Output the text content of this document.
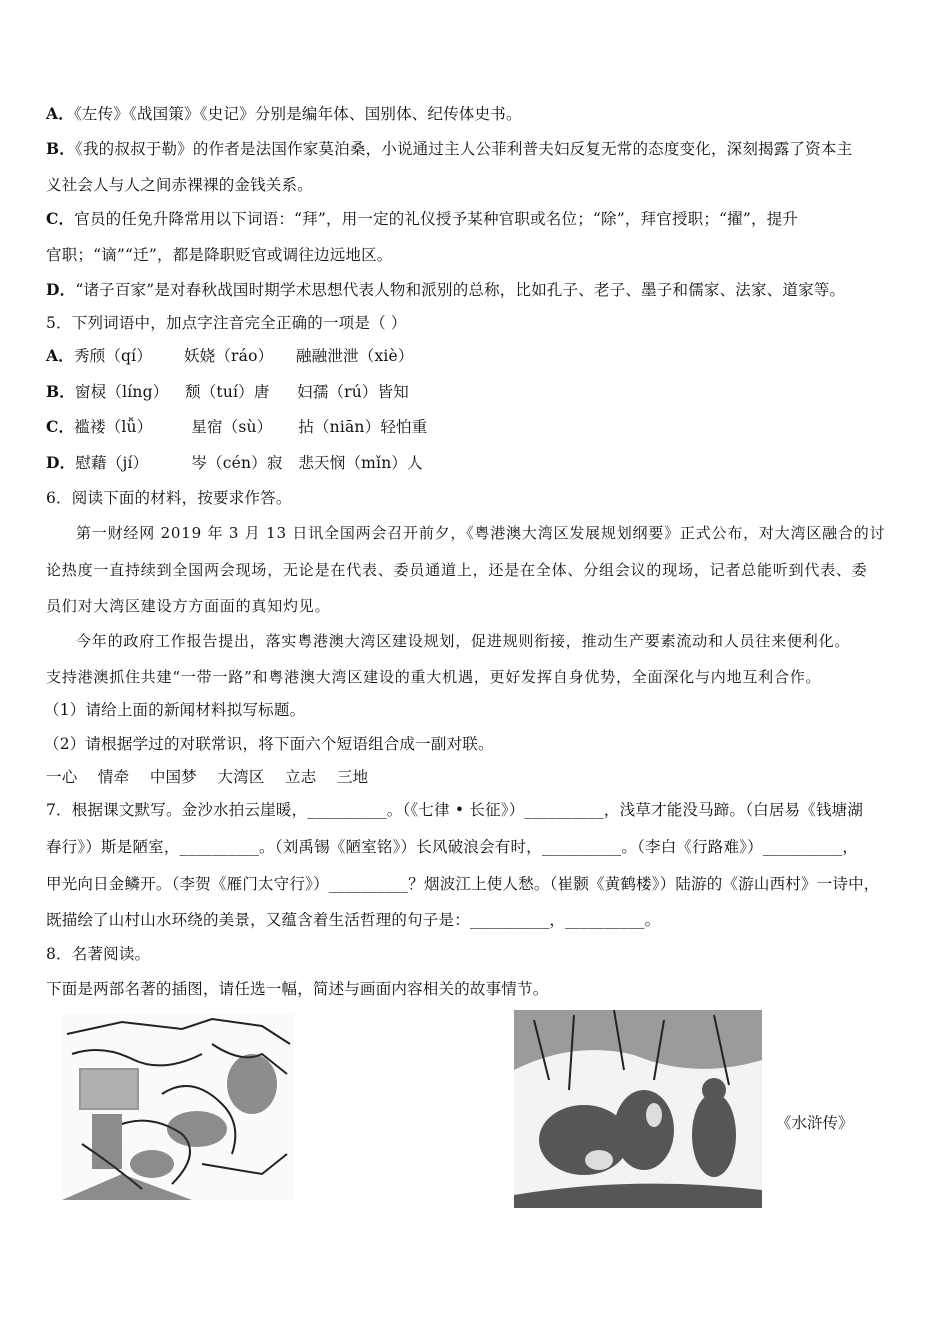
A．《左传》《战国策》《史记》分别是编年体、国别体、纪传体史书。
B．《我的叔叔于勒》的作者是法国作家莫泊桑，小说通过主人公菲利普夫妇反复无常的态度变化，深刻揭露了资本主
义社会人与人之间赤裸裸的金钱关系。
C．官员的任免升降常用以下词语：“拜”，用一定的礼仪授予某种官职或名位；“除”，拜官授职；“擢”，提升
官职；“谪”“迁”，都是降职贬官或调往边远地区。
D．“诸子百家”是对春秋战国时期学术思想代表人物和派别的总称，比如孔子、老子、墨子和儒家、法家、道家等。
5．下列词语中，加点字注音完全正确的一项是（ ）
A．秀颀（qí） 妖娆（ráo） 融融泄泄（xiè）
B．窗棂（líng） 颓（tuí）唐 妇孺（rú）皆知
C．褴褛（lǚ）	星宿（sù） 拈（niān）轻怕重
D．慰藉（jí）	岑（cén）寂 悲天悯（mǐn）人
6．阅读下面的材料，按要求作答。
第一财经网 2019 年 3 月 13 日讯全国两会召开前夕，《粤港澳大湾区发展规划纲要》正式公布，对大湾区融合的讨
论热度一直持续到全国两会现场，无论是在代表、委员通道上，还是在全体、分组会议的现场，记者总能听到代表、委
员们对大湾区建设方方面面的真知灼见。
今年的政府工作报告提出，落实粤港澳大湾区建设规划，促进规则衔接，推动生产要素流动和人员往来便利化。
支持港澳抓住共建“一带一路”和粤港澳大湾区建设的重大机遇，更好发挥自身优势，全面深化与内地互利合作。
（1）请给上面的新闻材料拟写标题。
（2）请根据学过的对联常识，将下面六个短语组合成一副对联。
一心    情牵    中国梦    大湾区    立志    三地
7．根据课文默写。金沙水拍云崖暖，__________。（《七律 • 长征》）__________，浅草才能没马蹄。（白居易《钱塘湖
春行》）斯是陋室，__________。（刘禹锡《陋室铭》）长风破浪会有时，__________。（李白《行路难》）__________，
甲光向日金鳞开。（李贺《雁门太守行》）__________？烟波江上使人愁。（崔颢《黄鹤楼》）陆游的《游山西村》一诗中，
既描绘了山村山水环绕的美景，又蕴含着生活哲理的句子是：__________，__________。
8．名著阅读。
下面是两部名著的插图，请任选一幅，简述与画面内容相关的故事情节。
《水浒传》
